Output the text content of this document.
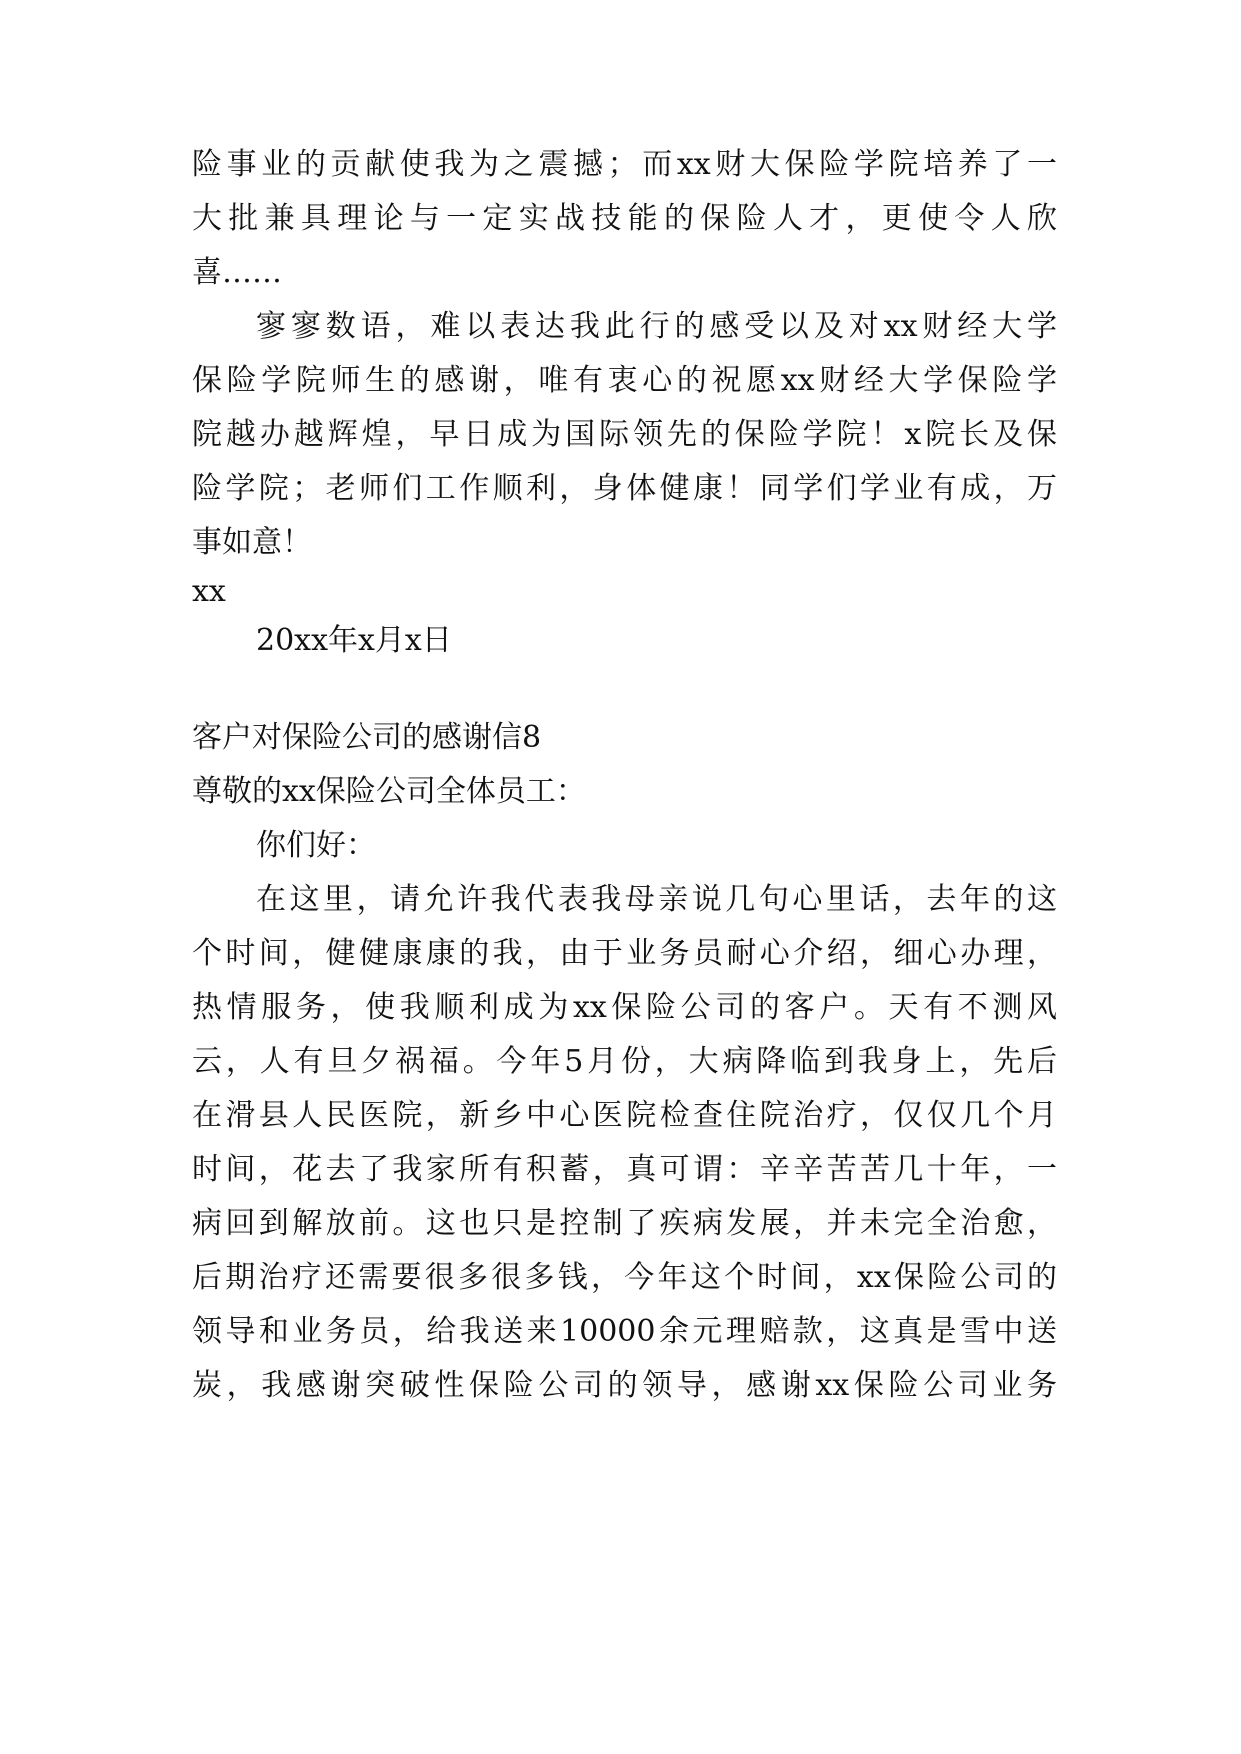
险事业的贡献使我为之震撼；而xx财大保险学院培养了一
大批兼具理论与一定实战技能的保险人才，更使令人欣
喜……
寥寥数语，难以表达我此行的感受以及对xx财经大学
保险学院师生的感谢，唯有衷心的祝愿xx财经大学保险学
院越办越辉煌，早日成为国际领先的保险学院！x院长及保
险学院；老师们工作顺利，身体健康！同学们学业有成，万
事如意！
xx
20xx年x月x日
客户对保险公司的感谢信8
尊敬的xx保险公司全体员工：
你们好：
在这里，请允许我代表我母亲说几句心里话，去年的这
个时间，健健康康的我，由于业务员耐心介绍，细心办理，
热情服务，使我顺利成为xx保险公司的客户。天有不测风
云，人有旦夕祸福。今年5月份，大病降临到我身上，先后
在滑县人民医院，新乡中心医院检查住院治疗，仅仅几个月
时间，花去了我家所有积蓄，真可谓：辛辛苦苦几十年，一
病回到解放前。这也只是控制了疾病发展，并未完全治愈，
后期治疗还需要很多很多钱，今年这个时间，xx保险公司的
领导和业务员，给我送来10000余元理赔款，这真是雪中送
炭，我感谢突破性保险公司的领导，感谢xx保险公司业务
